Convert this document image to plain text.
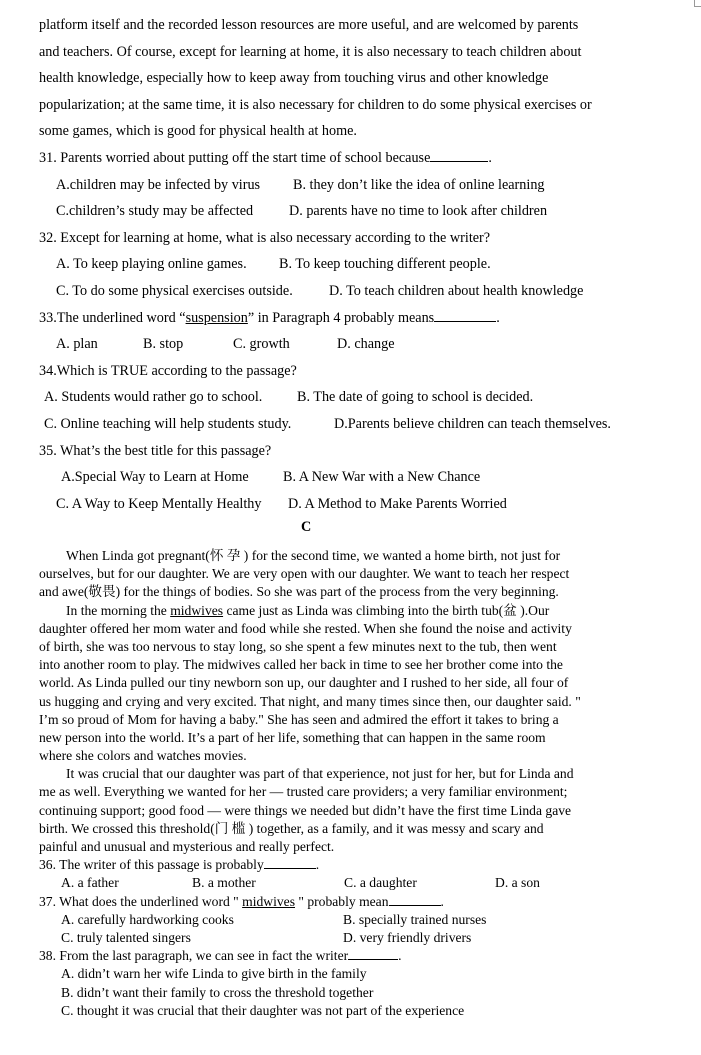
platform itself and the recorded lesson resources are more useful, and are welcomed by parents
and teachers. Of course, except for learning at home, it is also necessary to teach children about
health knowledge, especially how to keep away from touching virus and other knowledge
popularization; at the same time, it is also necessary for children to do some physical exercises or
some games, which is good for physical health at home.
31. Parents worried about putting off the start time of school because	.
A.children may be infected by virus B. they don’t like the idea of online learning
C.children’s study may be affected	D. parents have no time to look after children
32. Except for learning at home, what is also necessary according to the writer?
A. To keep playing online games. B. To keep touching different people.
C. To do some physical exercises outside.	D. To teach children about health knowledge
33.The underlined word “suspension” in Paragraph 4 probably means	.
A. plan	B. stop	C. growth	D. change
34.Which is TRUE according to the passage?
A. Students would rather go to school. B. The date of going to school is decided.
C. Online teaching will help students study.	D.Parents believe children can teach themselves.
35. What’s the best title for this passage?
A.Special Way to Learn at Home B. A New War with a New Chance
C. A Way to Keep Mentally Healthy D. A Method to Make Parents Worried
C
When Linda got pregnant(怀 孕 ) for the second time, we wanted a home birth, not just for
ourselves, but for our daughter. We are very open with our daughter. We want to teach her respect
and awe(敬畏) for the things of bodies. So she was part of the process from the very beginning.
In the morning the midwives came just as Linda was climbing into the birth tub(盆 ).Our
daughter offered her mom water and food while she rested. When she found the noise and activity
of birth, she was too nervous to stay long, so she spent a few minutes next to the tub, then went
into another room to play. The midwives called her back in time to see her brother come into the
world. As Linda pulled our tiny newborn son up, our daughter and I rushed to her side, all four of
us hugging and crying and very excited. That night, and many times since then, our daughter said. "
I’m so proud of Mom for having a baby." She has seen and admired the effort it takes to bring a
new person into the world. It’s a part of her life, something that can happen in the same room
where she colors and watches movies.
It was crucial that our daughter was part of that experience, not just for her, but for Linda and
me as well. Everything we wanted for her — trusted care providers; a very familiar environment;
continuing support; good food — were things we needed but didn’t have the first time Linda gave
birth. We crossed this threshold(门 槛 ) together, as a family, and it was messy and scary and
painful and unusual and mysterious and really perfect.
36. The writer of this passage is probably	.
A. a father	B. a mother	C. a daughter	D. a son
37. What does the underlined word " midwives " probably mean	.
A. carefully hardworking cooks	B. specially trained nurses
C. truly talented singers	D. very friendly drivers
38. From the last paragraph, we can see in fact the writer	.
A. didn’t warn her wife Linda to give birth in the family
B. didn’t want their family to cross the threshold together
C. thought it was crucial that their daughter was not part of the experience
